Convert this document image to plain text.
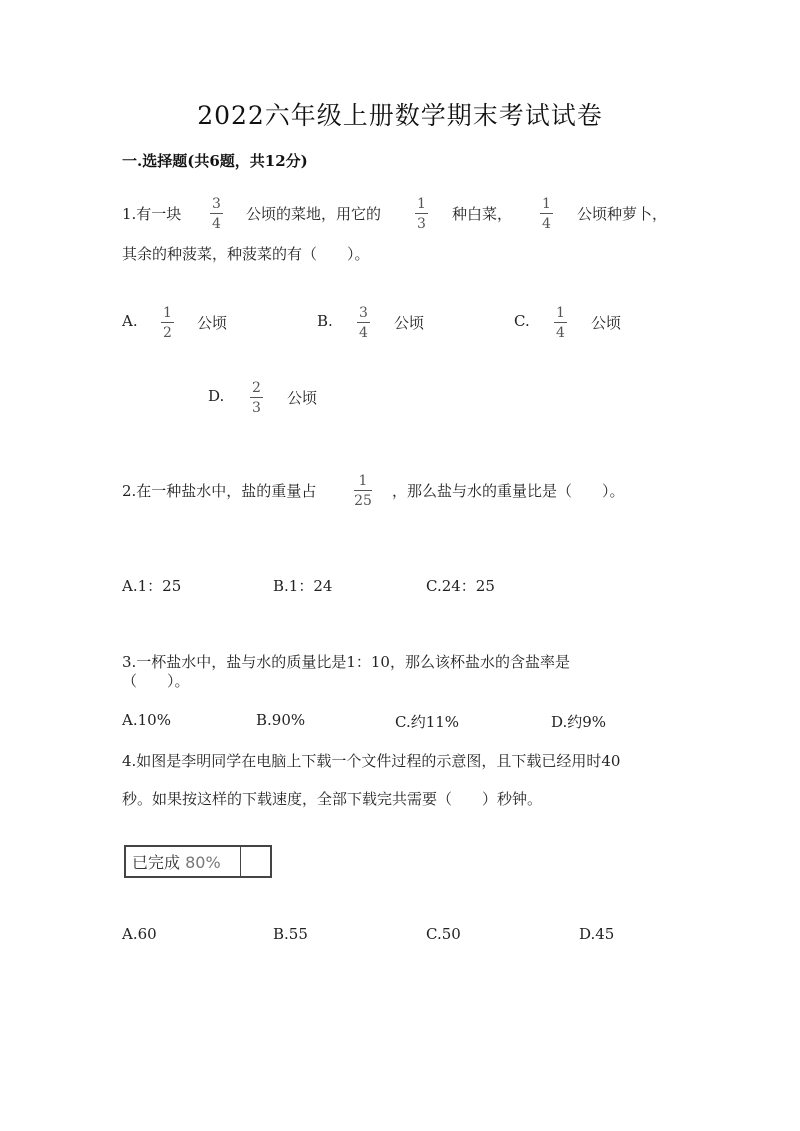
2022六年级上册数学期末考试试卷
一.选择题(共6题，共12分)
1.有一块
3
4
公顷的菜地，用它的
1
3
种白菜，
1
4
公顷种萝卜，
其余的种菠菜，种菠菜的有（　　）。
A. 1
2
公顷	B. 3
4
公顷	C. 1
4
公顷
D. 2
3
公顷
2.在一种盐水中，盐的重量占
1
25
，那么盐与水的重量比是（　　）。
A.1：25	B.1：24	C.24：25
3.一杯盐水中，盐与水的质量比是1：10，那么该杯盐水的含盐率是
（　　）。
A.10%	B.90%	C.约11%	D.约9%
4.如图是李明同学在电脑上下载一个文件过程的示意图，且下载已经用时40
秒。如果按这样的下载速度，全部下载完共需要（　　）秒钟。
已完成 80%
A.60	B.55	C.50	D.45
